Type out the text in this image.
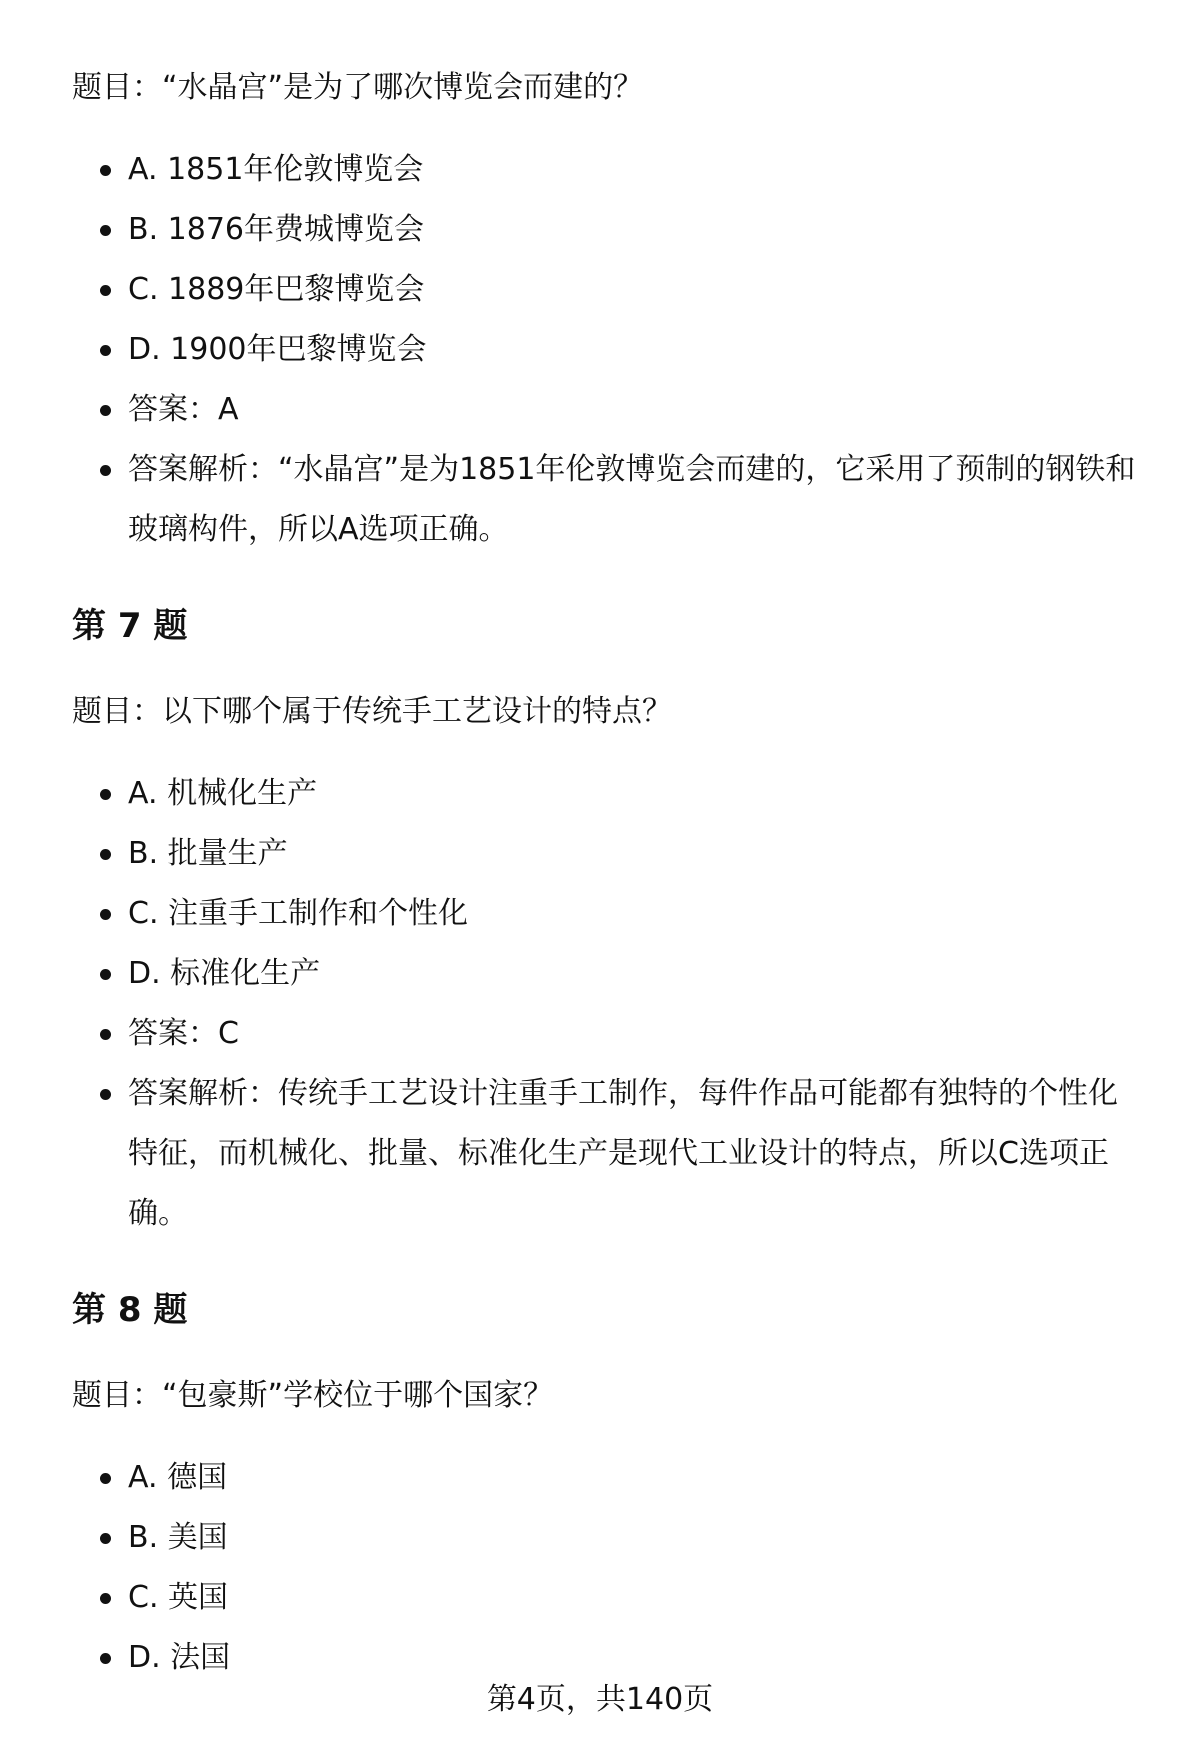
题目：“水晶宫”是为了哪次博览会而建的？
A. 1851年伦敦博览会
B. 1876年费城博览会
C. 1889年巴黎博览会
D. 1900年巴黎博览会
答案：A
答案解析：“水晶宫”是为1851年伦敦博览会而建的，它采用了预制的钢铁和玻璃构件，所以A选项正确。
第 7 题
题目：以下哪个属于传统手工艺设计的特点？
A. 机械化生产
B. 批量生产
C. 注重手工制作和个性化
D. 标准化生产
答案：C
答案解析：传统手工艺设计注重手工制作，每件作品可能都有独特的个性化特征，而机械化、批量、标准化生产是现代工业设计的特点，所以C选项正确。
第 8 题
题目：“包豪斯”学校位于哪个国家？
A. 德国
B. 美国
C. 英国
D. 法国
第4页，共140页
